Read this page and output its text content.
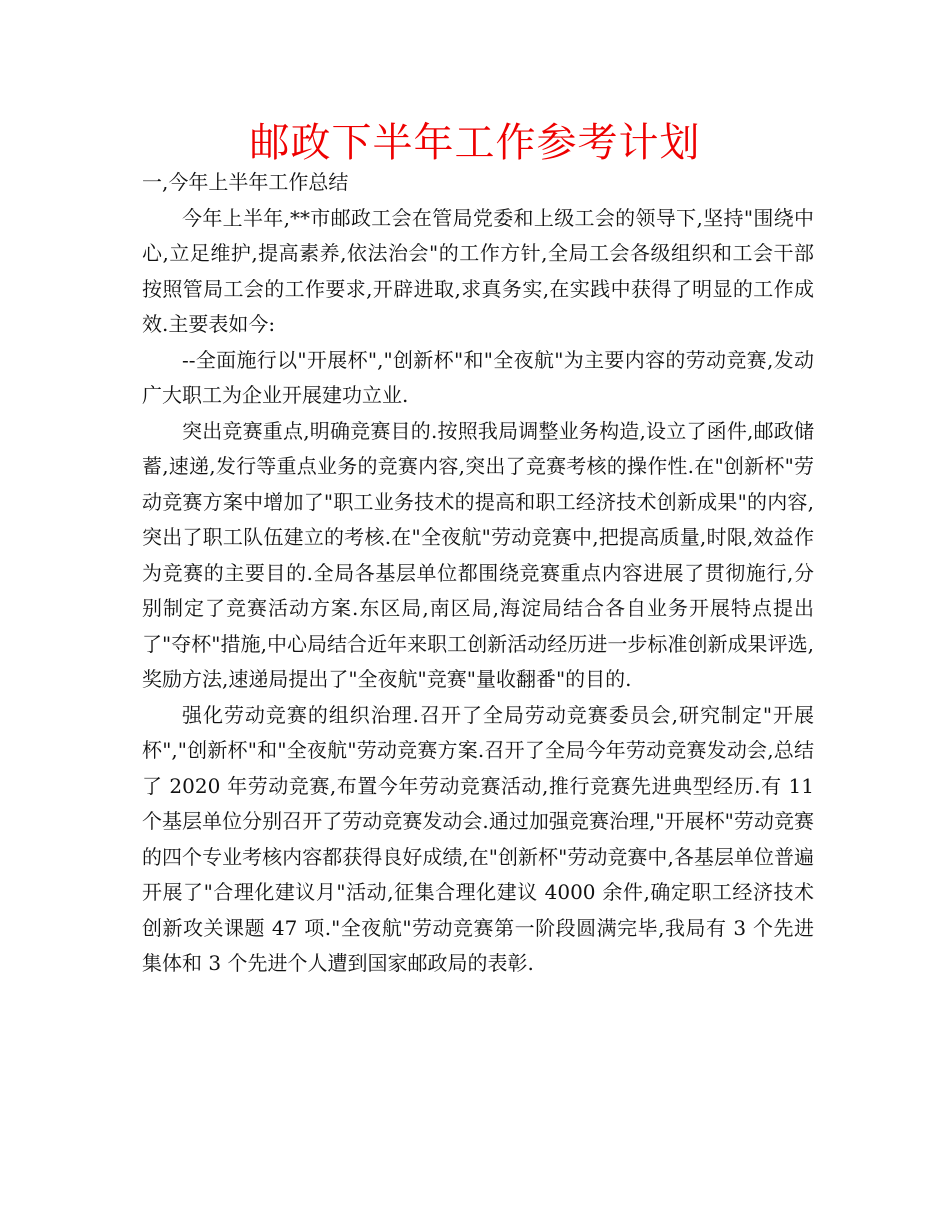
邮政下半年工作参考计划
一,今年上半年工作总结

今年上半年,**市邮政工会在管局党委和上级工会的领导下,坚持"围绕中心,立足维护,提高素养,依法治会"的工作方针,全局工会各级组织和工会干部按照管局工会的工作要求,开辟进取,求真务实,在实践中获得了明显的工作成效.主要表如今:

--全面施行以"开展杯","创新杯"和"全夜航"为主要内容的劳动竞赛,发动广大职工为企业开展建功立业.

突出竞赛重点,明确竞赛目的.按照我局调整业务构造,设立了函件,邮政储蓄,速递,发行等重点业务的竞赛内容,突出了竞赛考核的操作性.在"创新杯"劳动竞赛方案中增加了"职工业务技术的提高和职工经济技术创新成果"的内容,突出了职工队伍建立的考核.在"全夜航"劳动竞赛中,把提高质量,时限,效益作为竞赛的主要目的.全局各基层单位都围绕竞赛重点内容进展了贯彻施行,分别制定了竞赛活动方案.东区局,南区局,海淀局结合各自业务开展特点提出了"夺杯"措施,中心局结合近年来职工创新活动经历进一步标准创新成果评选,奖励方法,速递局提出了"全夜航"竞赛"量收翻番"的目的.

强化劳动竞赛的组织治理.召开了全局劳动竞赛委员会,研究制定"开展杯","创新杯"和"全夜航"劳动竞赛方案.召开了全局今年劳动竞赛发动会,总结了 2020 年劳动竞赛,布置今年劳动竞赛活动,推行竞赛先进典型经历.有 11 个基层单位分别召开了劳动竞赛发动会.通过加强竞赛治理,"开展杯"劳动竞赛的四个专业考核内容都获得良好成绩,在"创新杯"劳动竞赛中,各基层单位普遍开展了"合理化建议月"活动,征集合理化建议 4000 余件,确定职工经济技术创新攻关课题 47 项."全夜航"劳动竞赛第一阶段圆满完毕,我局有 3 个先进集体和 3 个先进个人遭到国家邮政局的表彰.
